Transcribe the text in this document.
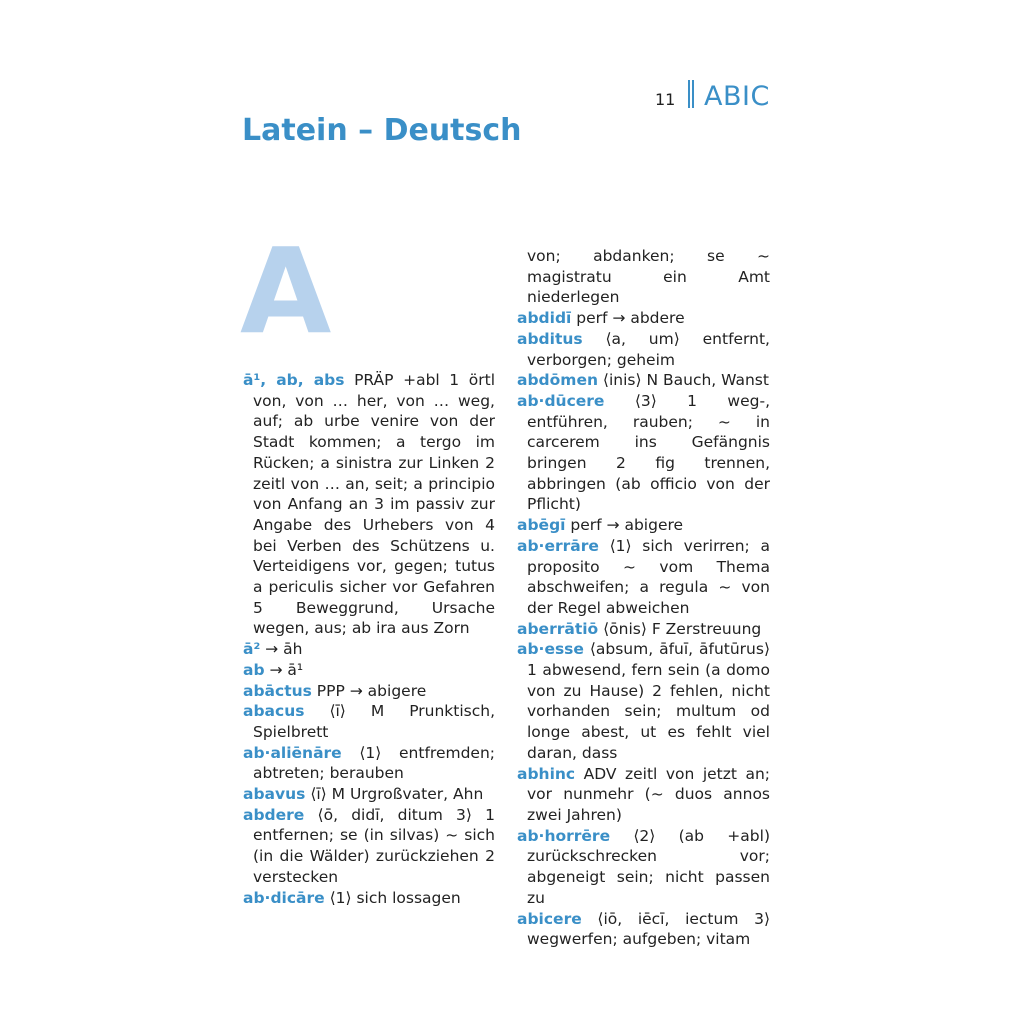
11	ABIC
Latein – Deutsch
A
ā¹, ab, abs PRÄP +abl 1 örtl von, von … her, von … weg, auf; ab urbe venire von der Stadt kommen; a tergo im Rücken; a sinistra zur Linken 2 zeitl von … an, seit; a principio von Anfang an 3 im passiv zur Angabe des Urhebers von 4 bei Verben des Schützens u. Verteidigens vor, gegen; tutus a periculis sicher vor Gefahren 5 Beweggrund, Ursache wegen, aus; ab ira aus Zorn
ā² → āh
ab → ā¹
abāctus PPP → abigere
abacus ⟨ī⟩ M Prunktisch, Spielbrett
ab·aliēnāre ⟨1⟩ entfremden; abtreten; berauben
abavus ⟨ī⟩ M Urgroßvater, Ahn
abdere ⟨ō, didī, ditum 3⟩ 1 entfernen; se (in silvas) ~ sich (in die Wälder) zurückziehen 2 verstecken
ab·dicāre ⟨1⟩ sich lossagen
von; abdanken; se ~ magistratu ein Amt niederlegen
abdidī perf → abdere
abditus ⟨a, um⟩ entfernt, verborgen; geheim
abdōmen ⟨inis⟩ N Bauch, Wanst
ab·dūcere ⟨3⟩ 1 weg-, entführen, rauben; ~ in carcerem ins Gefängnis bringen 2 fig trennen, abbringen (ab officio von der Pflicht)
abēgī perf → abigere
ab·errāre ⟨1⟩ sich verirren; a proposito ~ vom Thema abschweifen; a regula ~ von der Regel abweichen
aberrātiō ⟨ōnis⟩ F Zerstreuung
ab·esse ⟨absum, āfuī, āfutūrus⟩ 1 abwesend, fern sein (a domo von zu Hause) 2 fehlen, nicht vorhanden sein; multum od longe abest, ut es fehlt viel daran, dass
abhinc ADV zeitl von jetzt an; vor nunmehr (~ duos annos zwei Jahren)
ab·horrēre ⟨2⟩ (ab +abl) zurückschrecken vor; abgeneigt sein; nicht passen zu
abicere ⟨iō, iēcī, iectum 3⟩ wegwerfen; aufgeben; vitam
